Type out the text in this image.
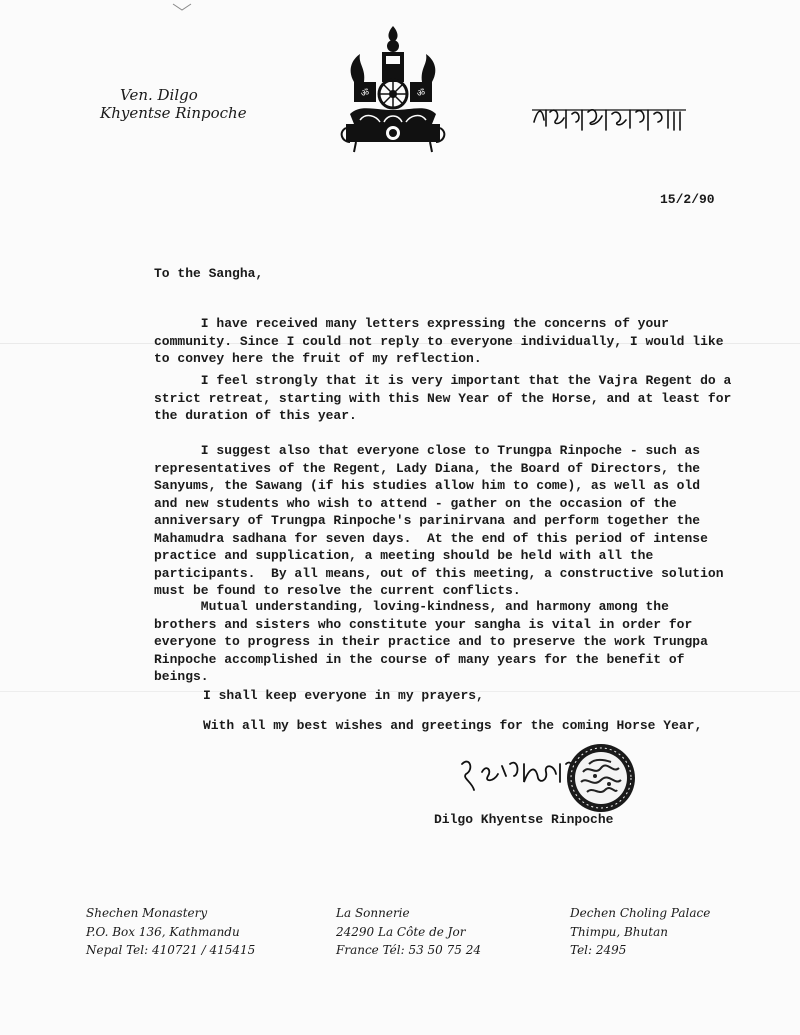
Ven. Dilgo
Khyentse Rinpoche
ॐ	ॐ
15/2/90
To the Sangha,
I have received many letters expressing the concerns of your
community. Since I could not reply to everyone individually, I would like
to convey here the fruit of my reflection.
I feel strongly that it is very important that the Vajra Regent do a
strict retreat, starting with this New Year of the Horse, and at least for
the duration of this year.
I suggest also that everyone close to Trungpa Rinpoche - such as
representatives of the Regent, Lady Diana, the Board of Directors, the
Sanyums, the Sawang (if his studies allow him to come), as well as old
and new students who wish to attend - gather on the occasion of the
anniversary of Trungpa Rinpoche's parinirvana and perform together the
Mahamudra sadhana for seven days.  At the end of this period of intense
practice and supplication, a meeting should be held with all the
participants.  By all means, out of this meeting, a constructive solution
must be found to resolve the current conflicts.
Mutual understanding, loving-kindness, and harmony among the
brothers and sisters who constitute your sangha is vital in order for
everyone to progress in their practice and to preserve the work Trungpa
Rinpoche accomplished in the course of many years for the benefit of
beings.
I shall keep everyone in my prayers,
With all my best wishes and greetings for the coming Horse Year,
Dilgo Khyentse Rinpoche
Shechen Monastery
P.O. Box 136, Kathmandu
Nepal Tel: 410721 / 415415
La Sonnerie
24290 La Côte de Jor
France Tél: 53 50 75 24
Dechen Choling Palace
Thimpu, Bhutan
Tel: 2495
